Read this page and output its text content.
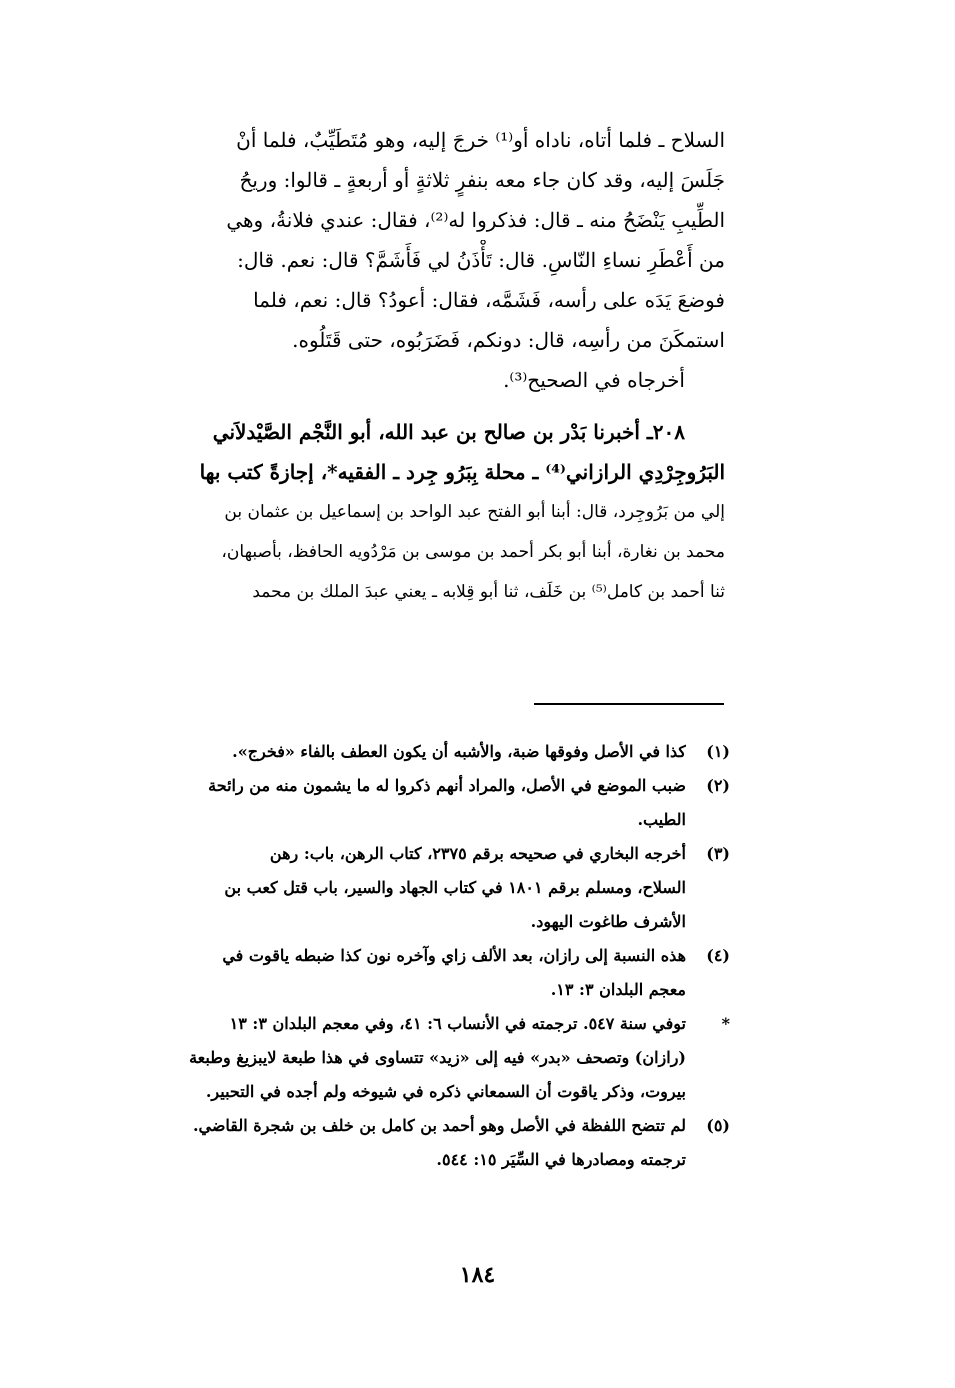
السلاح ـ فلما أتاه، ناداه أو⁽¹⁾ خرجَ إليه، وهو مُتَطَيِّبٌ، فلما أنْ
جَلَسَ إليه، وقد كان جاء معه بنفرٍ ثلاثةٍ أو أربعةٍ ـ قالوا: وريحُ
الطِّيبِ يَنْضَحُ منه ـ قال: فذكروا له⁽²⁾، فقال: عندي فلانةُ، وهي
من أَعْطَرِ نساءِ النّاسِ. قال: تَأْذَنُ لي فَأَشَمَّ؟ قال: نعم. قال:
فوضعَ يَدَه على رأسه، فَشَمَّه، فقال: أعودُ؟ قال: نعم، فلما
استمكَنَ من رأسِه، قال: دونكم، فَضَرَبُوه، حتى قَتَلُوه.
أخرجاه في الصحيح⁽³⁾.
٢٠٨ـ أخبرنا بَدْر بن صالح بن عبد الله، أبو النَّجْم الصَّيْدلاَني
البَرُوجِرْدِي الرازاني⁽⁴⁾ ـ محلة بِبَرُو جِرد ـ الفقيه*، إجازةً كتب بها
إلي من بَرُوجِرد، قال: أبنا أبو الفتح عبد الواحد بن إسماعيل بن عثمان بن
محمد بن نغارة، أبنا أبو بكر أحمد بن موسى بن مَرْدُويه الحافظ، بأصبهان،
ثنا أحمد بن كامل⁽⁵⁾ بن خَلَف، ثنا أبو قِلابه ـ يعني عبدَ الملك بن محمد
(١)
كذا في الأصل وفوقها ضبة، والأشبه أن يكون العطف بالفاء «فخرج».
(٢)
ضبب الموضع في الأصل، والمراد أنهم ذكروا له ما يشمون منه من رائحة
الطيب.
(٣)
أخرجه البخاري في صحيحه برقم ٢٣٧٥، كتاب الرهن، باب: رهن
السلاح، ومسلم برقم ١٨٠١ في كتاب الجهاد والسير، باب قتل كعب بن
الأشرف طاغوت اليهود.
(٤)
هذه النسبة إلى رازان، بعد الألف زاي وآخره نون كذا ضبطه ياقوت في
معجم البلدان ٣: ١٣.
*
توفي سنة ٥٤٧. ترجمته في الأنساب ٦: ٤١، وفي معجم البلدان ٣: ١٣
(رازان) وتصحف «بدر» فيه إلى «زيد» تتساوى في هذا طبعة لايبزيغ وطبعة
بيروت، وذكر ياقوت أن السمعاني ذكره في شيوخه ولم أجده في التحبير.
(٥)
لم تتضح اللفظة في الأصل وهو أحمد بن كامل بن خلف بن شجرة القاضي.
ترجمته ومصادرها في السِّيَر ١٥: ٥٤٤.
١٨٤
